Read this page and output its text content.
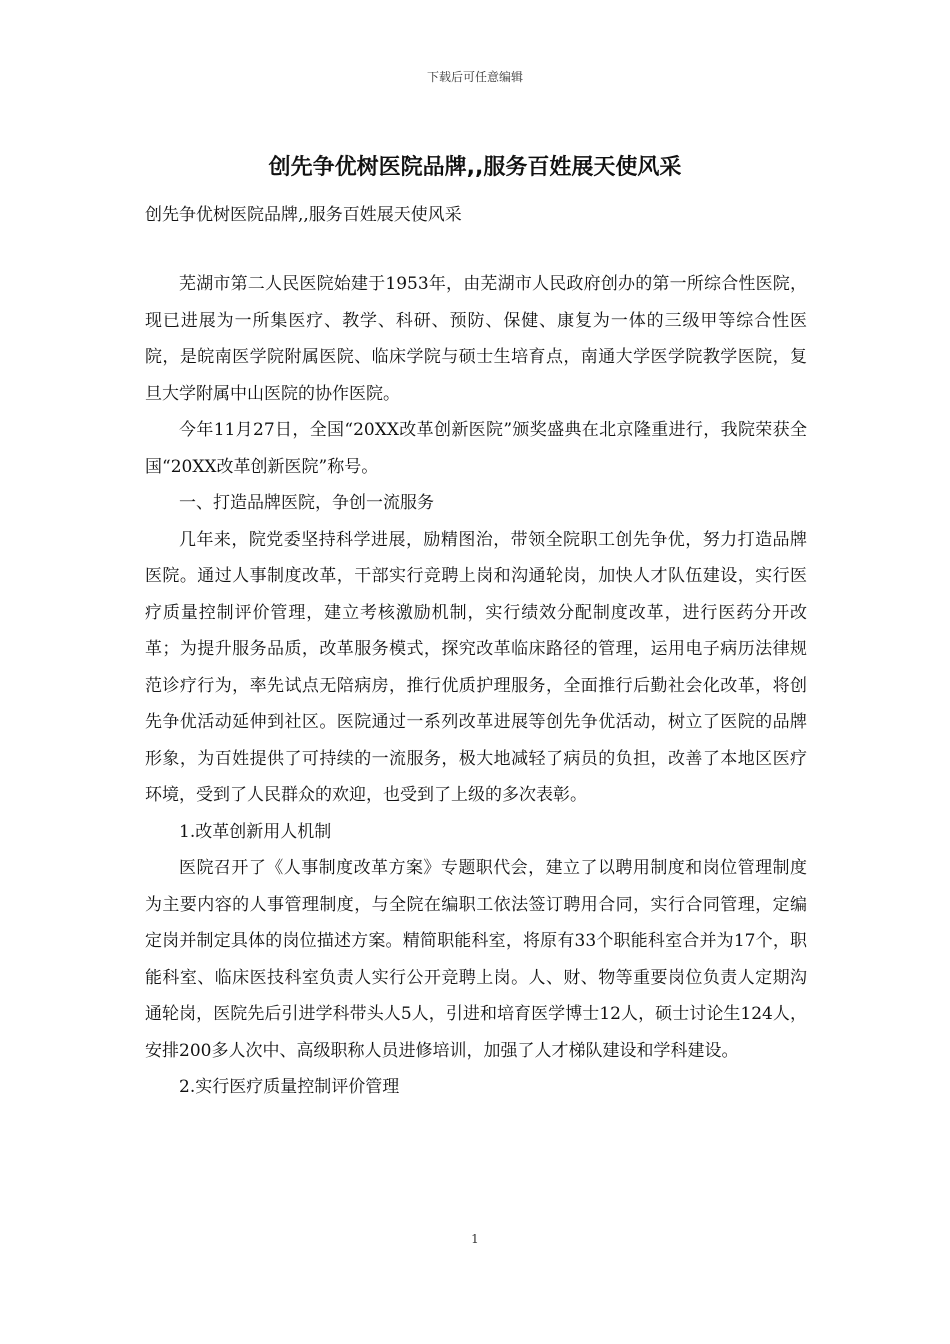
下载后可任意编辑
创先争优树医院品牌,,服务百姓展天使风采
创先争优树医院品牌,,服务百姓展天使风采

芜湖市第二人民医院始建于1953年，由芜湖市人民政府创办的第一所综合性医院，现已进展为一所集医疗、教学、科研、预防、保健、康复为一体的三级甲等综合性医院，是皖南医学院附属医院、临床学院与硕士生培育点，南通大学医学院教学医院，复旦大学附属中山医院的协作医院。

今年11月27日，全国“20XX改革创新医院”颁奖盛典在北京隆重进行，我院荣获全国“20XX改革创新医院”称号。

一、打造品牌医院，争创一流服务

几年来，院党委坚持科学进展，励精图治，带领全院职工创先争优，努力打造品牌医院。通过人事制度改革，干部实行竞聘上岗和沟通轮岗，加快人才队伍建设，实行医疗质量控制评价管理，建立考核激励机制，实行绩效分配制度改革，进行医药分开改革；为提升服务品质，改革服务模式，探究改革临床路径的管理，运用电子病历法律规范诊疗行为，率先试点无陪病房，推行优质护理服务，全面推行后勤社会化改革，将创先争优活动延伸到社区。医院通过一系列改革进展等创先争优活动，树立了医院的品牌形象，为百姓提供了可持续的一流服务，极大地减轻了病员的负担，改善了本地区医疗环境，受到了人民群众的欢迎，也受到了上级的多次表彰。

1.改革创新用人机制

医院召开了《人事制度改革方案》专题职代会，建立了以聘用制度和岗位管理制度为主要内容的人事管理制度，与全院在编职工依法签订聘用合同，实行合同管理，定编定岗并制定具体的岗位描述方案。精简职能科室，将原有33个职能科室合并为17个，职能科室、临床医技科室负责人实行公开竞聘上岗。人、财、物等重要岗位负责人定期沟通轮岗，医院先后引进学科带头人5人，引进和培育医学博士12人，硕士讨论生124人，安排200多人次中、高级职称人员进修培训，加强了人才梯队建设和学科建设。

2.实行医疗质量控制评价管理

1
